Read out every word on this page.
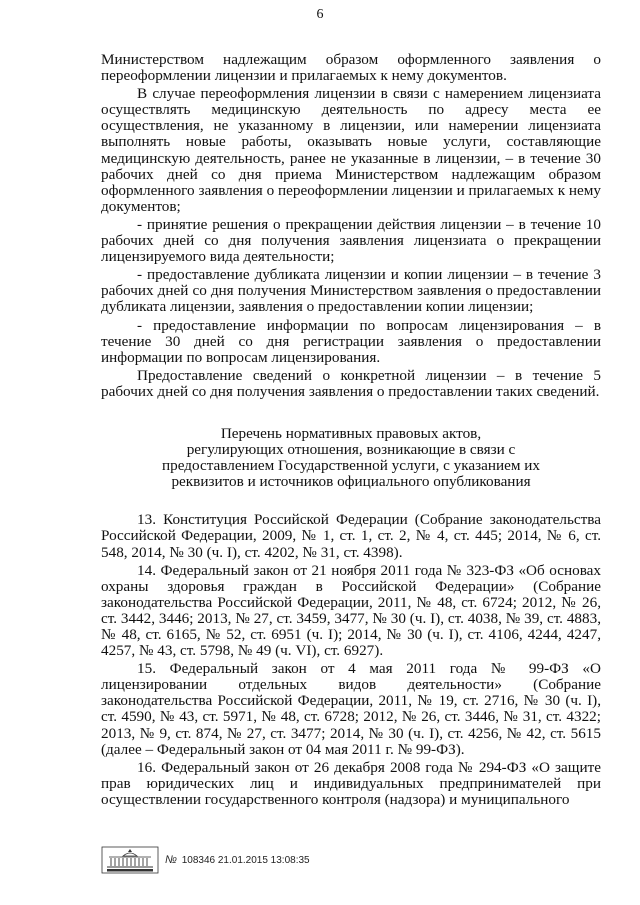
6

Министерством надлежащим образом оформленного заявления о переоформлении лицензии и прилагаемых к нему документов.

В случае переоформления лицензии в связи с намерением лицензиата осуществлять медицинскую деятельность по адресу места ее осуществления, не указанному в лицензии, или намерении лицензиата выполнять новые работы, оказывать новые услуги, составляющие медицинскую деятельность, ранее не указанные в лицензии, – в течение 30 рабочих дней со дня приема Министерством надлежащим образом оформленного заявления о переоформлении лицензии и прилагаемых к нему документов;

- принятие решения о прекращении действия лицензии – в течение 10 рабочих дней со дня получения заявления лицензиата о прекращении лицензируемого вида деятельности;

- предоставление дубликата лицензии и копии лицензии – в течение 3 рабочих дней со дня получения Министерством заявления о предоставлении дубликата лицензии, заявления о предоставлении копии лицензии;

- предоставление информации по вопросам лицензирования – в течение 30 дней со дня регистрации заявления о предоставлении информации по вопросам лицензирования.

Предоставление сведений о конкретной лицензии – в течение 5 рабочих дней со дня получения заявления о предоставлении таких сведений.

Перечень нормативных правовых актов,
регулирующих отношения, возникающие в связи с
предоставлением Государственной услуги, с указанием их
реквизитов и источников официального опубликования

13. Конституция Российской Федерации (Собрание законодательства Российской Федерации, 2009, № 1, ст. 1, ст. 2, № 4, ст. 445; 2014, № 6, ст. 548, 2014, № 30 (ч. I), ст. 4202, № 31, ст. 4398).

14. Федеральный закон от 21 ноября 2011 года № 323-ФЗ «Об основах охраны здоровья граждан в Российской Федерации» (Собрание законодательства Российской Федерации, 2011, № 48, ст. 6724; 2012, № 26, ст. 3442, 3446; 2013, № 27, ст. 3459, 3477, № 30 (ч. I), ст. 4038, № 39, ст. 4883, № 48, ст. 6165, № 52, ст. 6951 (ч. I); 2014, № 30 (ч. I), ст. 4106, 4244, 4247, 4257, № 43, ст. 5798, № 49 (ч. VI), ст. 6927).

15. Федеральный закон от 4 мая 2011 года № 99-ФЗ «О лицензировании отдельных видов деятельности» (Собрание законодательства Российской Федерации, 2011, № 19, ст. 2716, № 30 (ч. I), ст. 4590, № 43, ст. 5971, № 48, ст. 6728; 2012, № 26, ст. 3446, № 31, ст. 4322; 2013, № 9, ст. 874, № 27, ст. 3477; 2014, № 30 (ч. I), ст. 4256, № 42, ст. 5615 (далее – Федеральный закон от 04 мая 2011 г. № 99-ФЗ).

16. Федеральный закон от 26 декабря 2008 года № 294-ФЗ «О защите прав юридических лиц и индивидуальных предпринимателей при осуществлении государственного контроля (надзора) и муниципального

№ 108346 21.01.2015 13:08:35
